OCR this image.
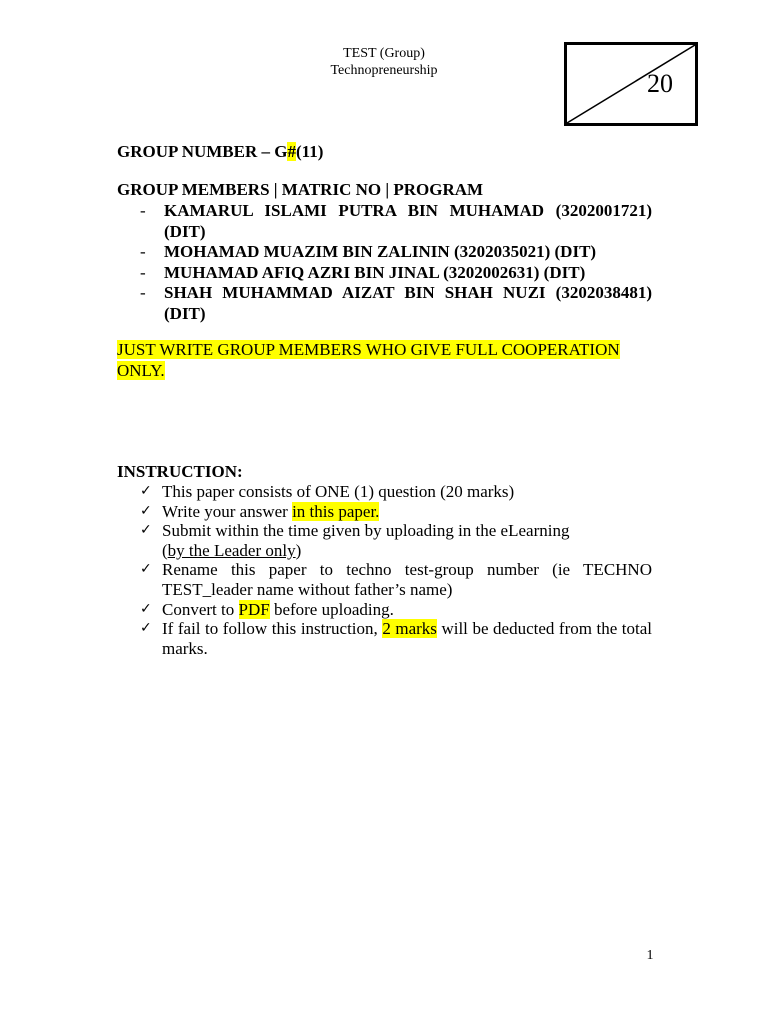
TEST (Group)
Technopreneurship	20
GROUP NUMBER – G#(11)
GROUP MEMBERS | MATRIC NO | PROGRAM
- KAMARUL ISLAMI PUTRA BIN MUHAMAD (3202001721) (DIT)
- MOHAMAD MUAZIM BIN ZALININ (3202035021) (DIT)
- MUHAMAD AFIQ AZRI BIN JINAL (3202002631) (DIT)
- SHAH MUHAMMAD AIZAT BIN SHAH NUZI (3202038481) (DIT)
JUST WRITE GROUP MEMBERS WHO GIVE FULL COOPERATION
ONLY.
INSTRUCTION:
✓ This paper consists of ONE (1) question (20 marks)
✓ Write your answer in this paper.
✓ Submit within the time given by uploading in the eLearning
(by the Leader only)
✓ Rename this paper to techno test-group number (ie TECHNO TEST_leader name without father’s name)
✓ Convert to PDF before uploading.
✓ If fail to follow this instruction, 2 marks will be deducted from the total marks.
1
